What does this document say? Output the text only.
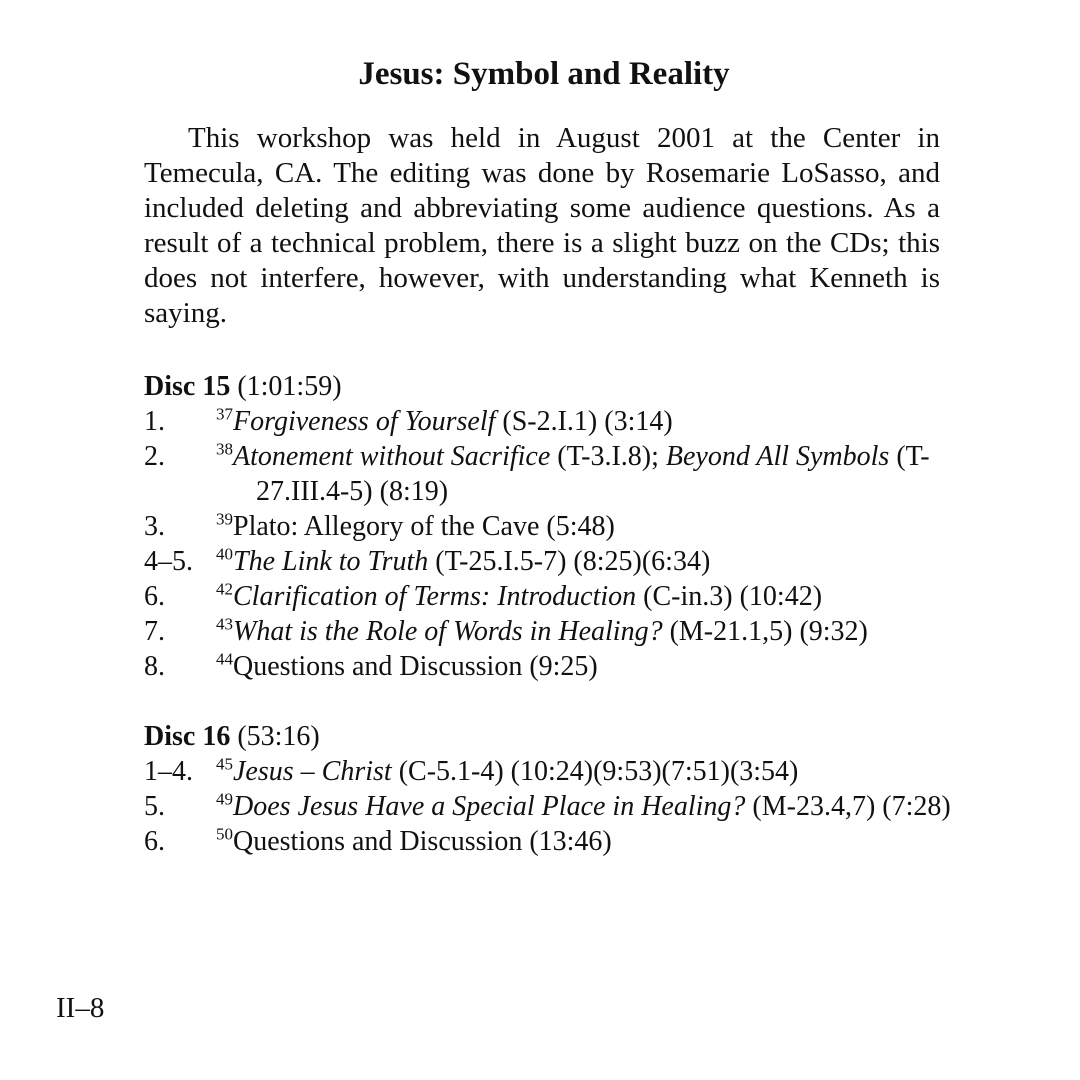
Jesus: Symbol and Reality

This workshop was held in August 2001 at the Center in Temecula, CA. The editing was done by Rosemarie LoSasso, and included deleting and abbreviating some audience questions. As a result of a technical problem, there is a slight buzz on the CDs; this does not interfere, however, with understanding what Kenneth is saying.

Disc 15 (1:01:59)

1.	$^{37}$Forgiveness of Yourself (S-2.I.1) (3:14)
2.	$^{38}$Atonement without Sacrifice (T-3.I.8); Beyond All Symbols (T-27.III.4-5) (8:19)
3.	$^{39}$Plato: Allegory of the Cave (5:48)
4–5.	$^{40}$The Link to Truth (T-25.I.5-7) (8:25)(6:34)
6.	$^{42}$Clarification of Terms: Introduction (C-in.3) (10:42)
7.	$^{43}$What is the Role of Words in Healing? (M-21.1,5) (9:32)
8.	$^{44}$Questions and Discussion (9:25)

Disc 16 (53:16)

1–4.	$^{45}$Jesus – Christ (C-5.1-4) (10:24)(9:53)(7:51)(3:54)
5.	$^{49}$Does Jesus Have a Special Place in Healing? (M-23.4,7) (7:28)
6.	$^{50}$Questions and Discussion (13:46)
II–8
